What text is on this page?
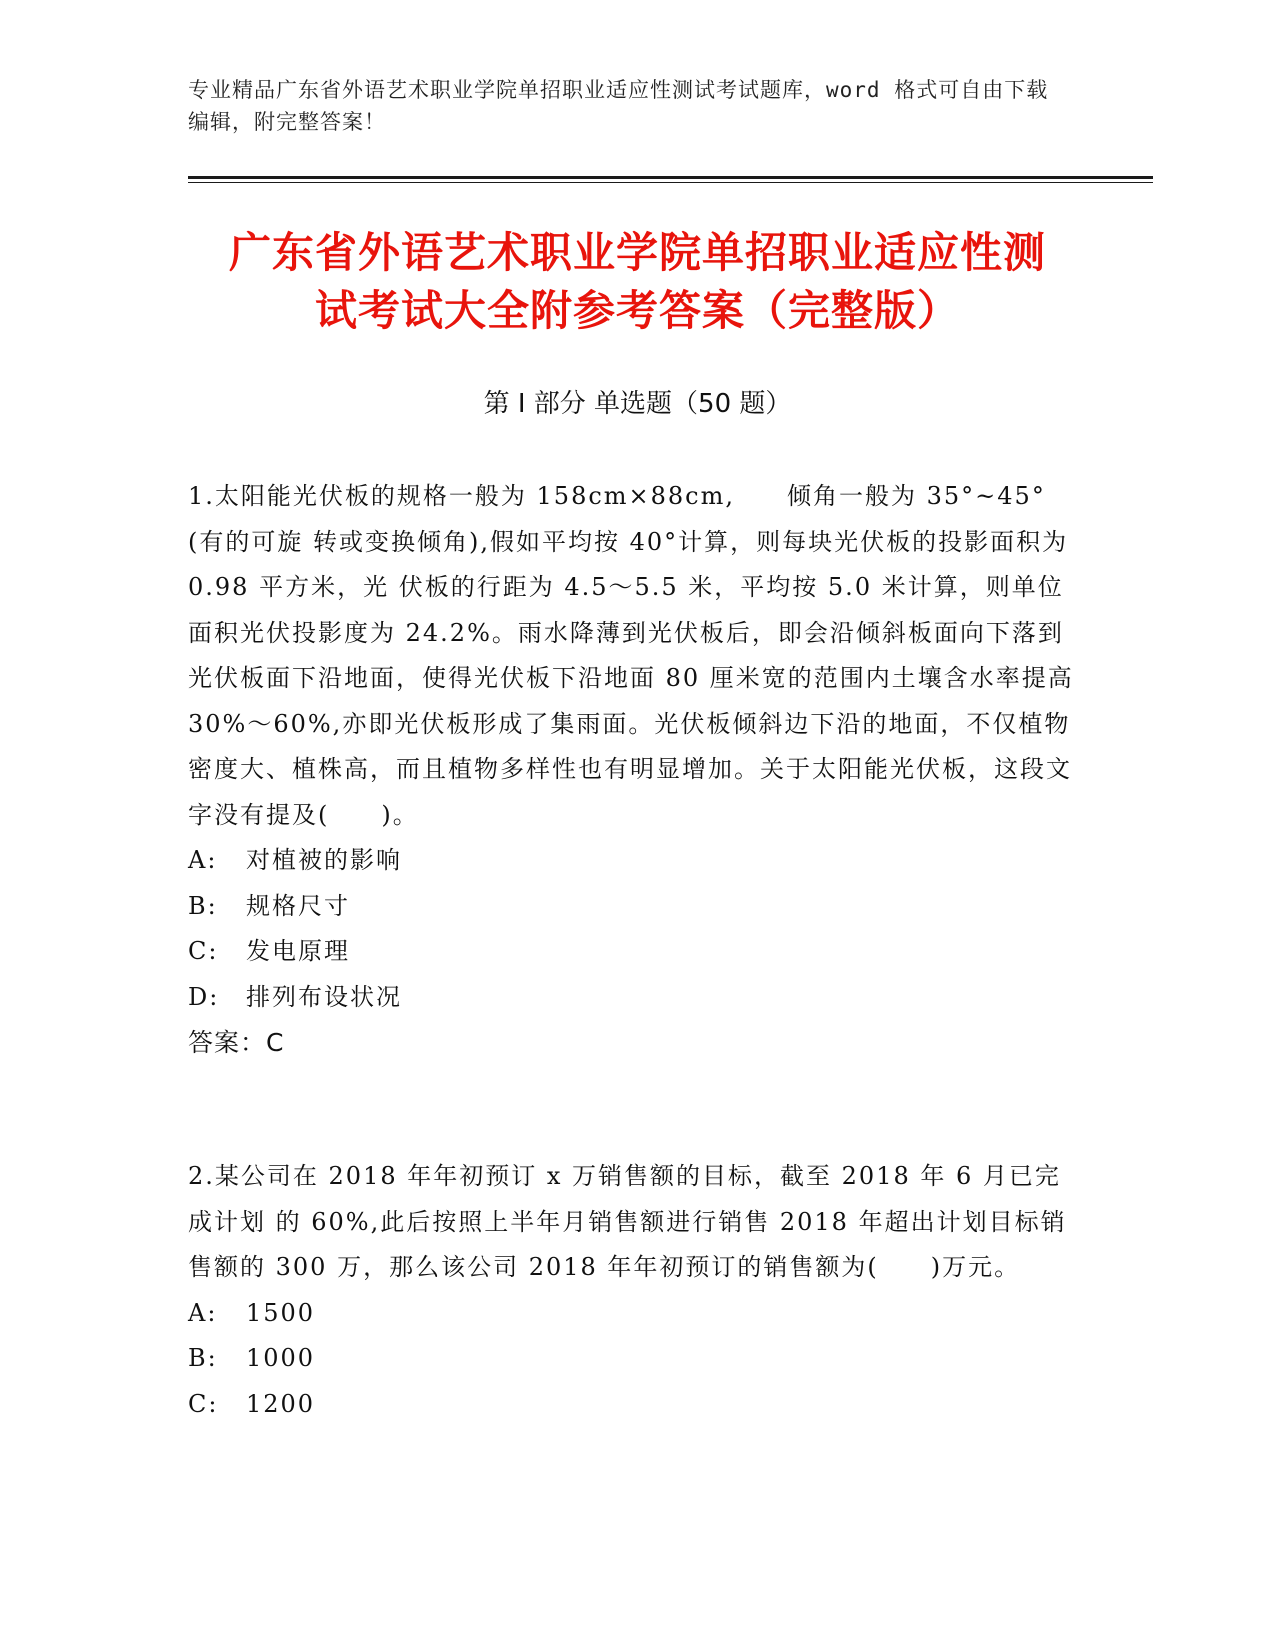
专业精品广东省外语艺术职业学院单招职业适应性测试考试题库，word 格式可自由下载编辑，附完整答案！
广东省外语艺术职业学院单招职业适应性测
试考试大全附参考答案（完整版）
第 I 部分 单选题（50 题）

1.太阳能光伏板的规格一般为 158cm×88cm,　　倾角一般为 35°~45°(有的可旋 转或变换倾角),假如平均按 40°计算，则每块光伏板的投影面积为 0.98 平方米，光 伏板的行距为 4.5～5.5 米，平均按 5.0 米计算，则单位面积光伏投影度为 24.2%。雨水降薄到光伏板后，即会沿倾斜板面向下落到光伏板面下沿地面，使得光伏板下沿地面 80 厘米宽的范围内土壤含水率提高 30%～60%,亦即光伏板形成了集雨面。光伏板倾斜边下沿的地面，不仅植物密度大、植株高，而且植物多样性也有明显增加。关于太阳能光伏板，这段文字没有提及(　　)。

A: 对植被的影响

B: 规格尺寸

C: 发电原理

D: 排列布设状况

答案：C

2.某公司在 2018 年年初预订 x 万销售额的目标，截至 2018 年 6 月已完成计划 的 60%,此后按照上半年月销售额进行销售 2018 年超出计划目标销售额的 300 万，那么该公司 2018 年年初预订的销售额为(　　)万元。

A: 1500

B: 1000

C: 1200
